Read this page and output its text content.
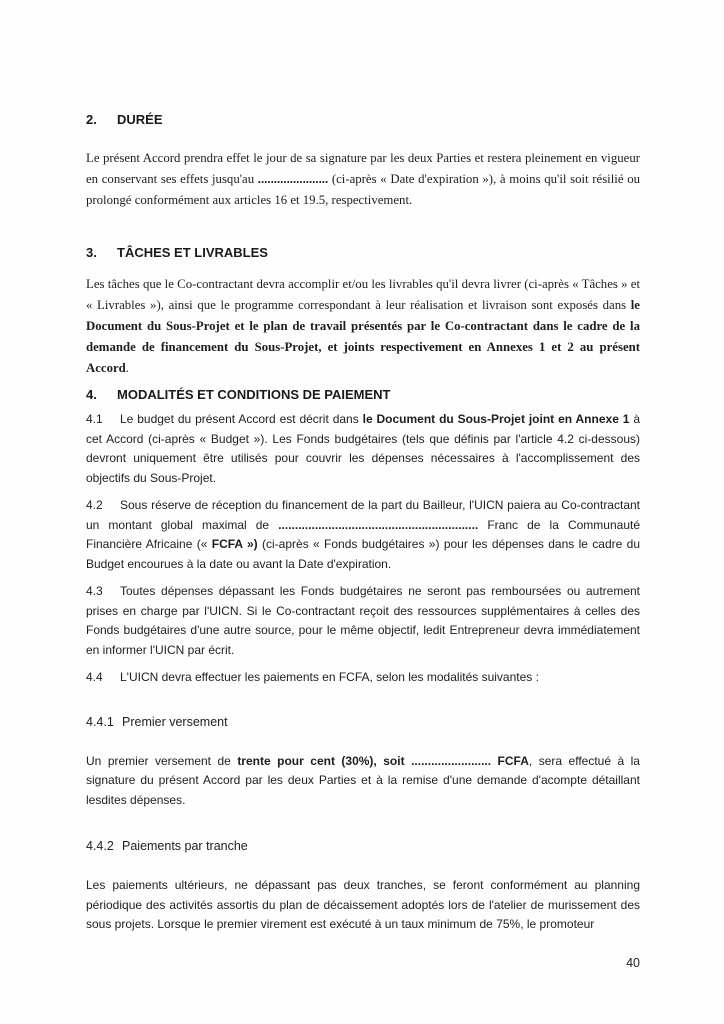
2. DURÉE

Le présent Accord prendra effet le jour de sa signature par les deux Parties et restera pleinement en vigueur en conservant ses effets jusqu'au ...................... (ci-après « Date d'expiration »), à moins qu'il soit résilié ou prolongé conformément aux articles 16 et 19.5, respectivement.

3. TÂCHES ET LIVRABLES

Les tâches que le Co-contractant devra accomplir et/ou les livrables qu'il devra livrer (ci-après « Tâches » et « Livrables »), ainsi que le programme correspondant à leur réalisation et livraison sont exposés dans le Document du Sous-Projet et le plan de travail présentés par le Co-contractant dans le cadre de la demande de financement du Sous-Projet, et joints respectivement en Annexes 1 et 2 au présent Accord.

4. MODALITÉS ET CONDITIONS DE PAIEMENT

4.1 Le budget du présent Accord est décrit dans le Document du Sous-Projet joint en Annexe 1 à cet Accord (ci-après « Budget »). Les Fonds budgétaires (tels que définis par l'article 4.2 ci-dessous) devront uniquement être utilisés pour couvrir les dépenses nécessaires à l'accomplissement des objectifs du Sous-Projet.

4.2 Sous réserve de réception du financement de la part du Bailleur, l'UICN paiera au Co-contractant un montant global maximal de ............................................................ Franc de la Communauté Financière Africaine (« FCFA ») (ci-après « Fonds budgétaires ») pour les dépenses dans le cadre du Budget encourues à la date ou avant la Date d'expiration.

4.3 Toutes dépenses dépassant les Fonds budgétaires ne seront pas remboursées ou autrement prises en charge par l'UICN. Si le Co-contractant reçoit des ressources supplémentaires à celles des Fonds budgétaires d'une autre source, pour le même objectif, ledit Entrepreneur devra immédiatement en informer l'UICN par écrit.

4.4 L'UICN devra effectuer les paiements en FCFA, selon les modalités suivantes :

4.4.1 Premier versement

Un premier versement de trente pour cent (30%), soit ........................ FCFA, sera effectué à la signature du présent Accord par les deux Parties et à la remise d'une demande d'acompte détaillant lesdites dépenses.

4.4.2 Paiements par tranche

Les paiements ultérieurs, ne dépassant pas deux tranches, se feront conformément au planning périodique des activités assortis du plan de décaissement adoptés lors de l'atelier de murissement des sous projets. Lorsque le premier virement est exécuté à un taux minimum de 75%, le promoteur

40
